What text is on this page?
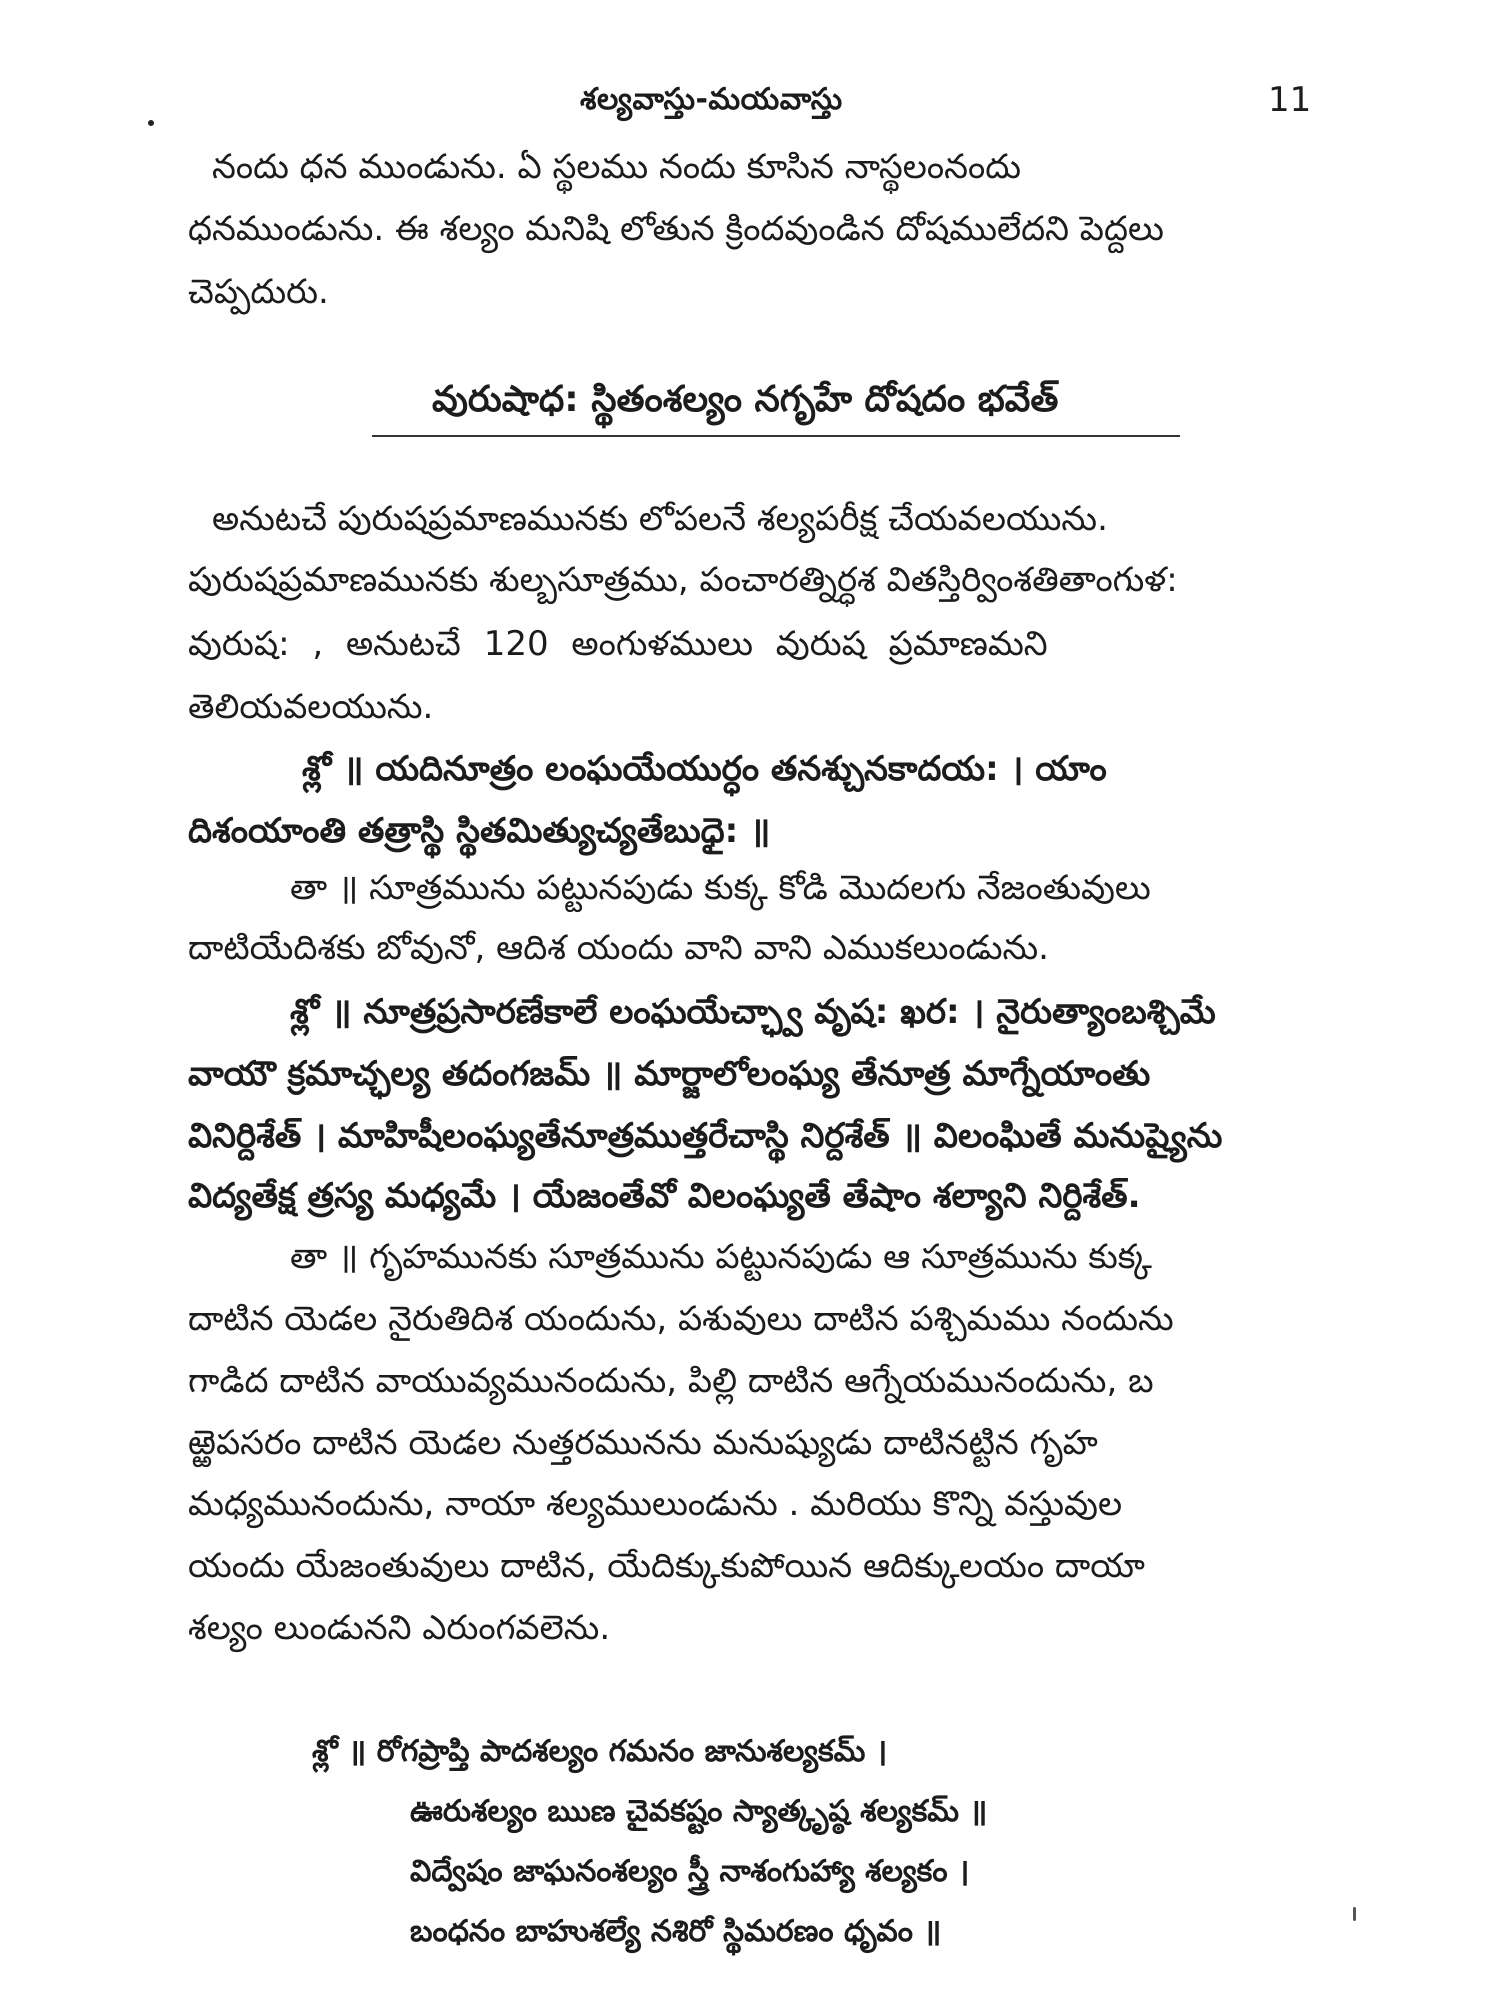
శల్యవాస్తు-మయవాస్తు	11
నందు ధన ముండును. ఏ స్థలము నందు కూసిన నాస్థలంనందు
ధనముండును. ఈ శల్యం మనిషి లోతున క్రిందవుండిన దోషములేదని పెద్దలు
చెప్పదురు.
వురుషాధ: స్థితంశల్యం నగృహే దోషదం భవేత్
అనుటచే పురుషప్రమాణమునకు లోపలనే శల్యపరీక్ష చేయవలయును.
పురుషప్రమాణమునకు శుల్బసూత్రము, పంచారత్నిర్ధశ వితస్తిర్వింశతితాంగుళ:
వురుష: , అనుటచే 120 అంగుళములు వురుష ప్రమాణమని
తెలియవలయును.
శ్లో ॥ యదినూత్రం లంఘయేయుర్ధం తనశ్చునకాదయ: । యాం
దిశంయాంతి తత్రాస్థి స్థితమిత్యుచ్యతేబుధై: ॥
తా ॥ సూత్రమును పట్టునపుడు కుక్క కోడి మొదలగు నేజంతువులు
దాటియేదిశకు బోవునో, ఆదిశ యందు వాని వాని ఎముకలుండును.
శ్లో ॥ నూత్రప్రసారణేకాలే లంఘయేచ్ఛ్వా వృష: ఖర: । నైరుత్యాంబశ్చిమే
వాయౌ క్రమాచ్ఛల్య తదంగజమ్ ॥ మార్జాలోలంఘ్య తేనూత్ర మాగ్నేయాంతు
వినిర్దిశేత్ । మాహిషీలంఘ్యతేనూత్రముత్తరేచాస్థి నిర్దశేత్ ॥ విలంఘితే మనుష్యైను
విద్యతేక్ష త్రస్య మధ్యమే । యేజంతేవో విలంఘ్యతే తేషాం శల్యాని నిర్దిశేత్.
తా ॥ గృహమునకు సూత్రమును పట్టునపుడు ఆ సూత్రమును కుక్క
దాటిన యెడల నైరుతిదిశ యందును, పశువులు దాటిన పశ్చిమము నందును
గాడిద దాటిన వాయువ్యమునందును, పిల్లి దాటిన ఆగ్నేయమునందును, బ
ఱ్ఱెపసరం దాటిన యెడల నుత్తరమునను మనుష్యుడు దాటినట్టిన గృహ
మధ్యమునందును, నాయా శల్యములుండును . మరియు కొన్ని వస్తువుల
యందు యేజంతువులు దాటిన, యేదిక్కుకుపోయిన ఆదిక్కులయం దాయా
శల్యం లుండునని ఎరుంగవలెను.
శ్లో ॥ రోగప్రాప్తి పాదశల్యం గమనం జానుశల్యకమ్ ।
ఊరుశల్యం ఋణ చైవకష్టం స్యాత్కృష్ఠ శల్యకమ్ ॥
విద్వేషం జాఘనంశల్యం స్త్రీ నాశంగుహ్యా శల్యకం ।
బంధనం బాహుశల్యే నశిరో స్థిమరణం ధృవం ॥
